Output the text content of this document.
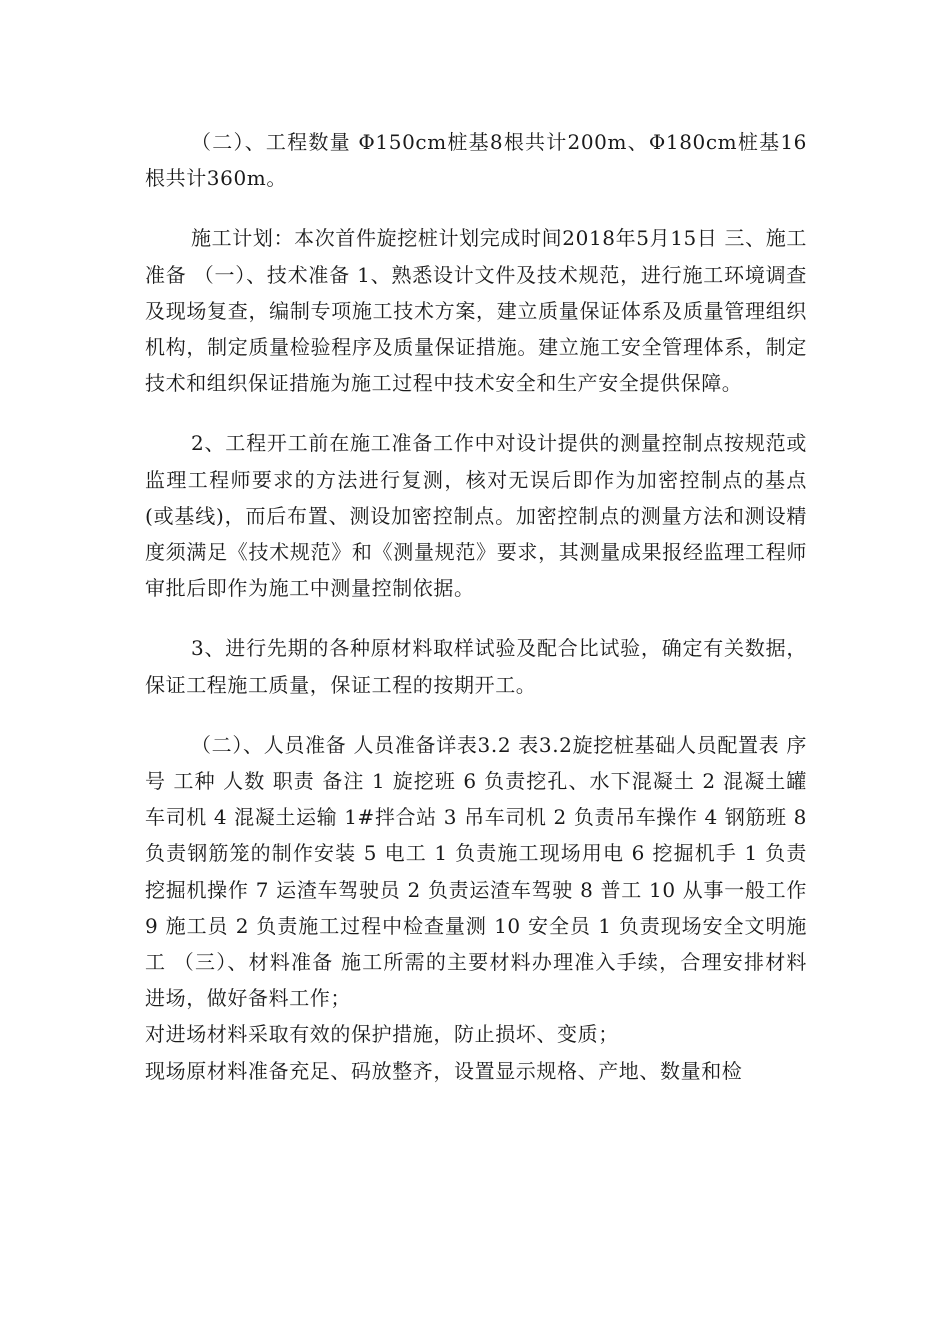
（二）、工程数量 Φ150cm桩基8根共计200m、Φ180cm桩基16根共计360m。

施工计划：本次首件旋挖桩计划完成时间2018年5月15日 三、施工准备 （一）、技术准备 1、熟悉设计文件及技术规范，进行施工环境调查及现场复查，编制专项施工技术方案，建立质量保证体系及质量管理组织机构，制定质量检验程序及质量保证措施。建立施工安全管理体系，制定技术和组织保证措施为施工过程中技术安全和生产安全提供保障。

2、工程开工前在施工准备工作中对设计提供的测量控制点按规范或监理工程师要求的方法进行复测，核对无误后即作为加密控制点的基点(或基线)，而后布置、测设加密控制点。加密控制点的测量方法和测设精度须满足《技术规范》和《测量规范》要求，其测量成果报经监理工程师审批后即作为施工中测量控制依据。

3、进行先期的各种原材料取样试验及配合比试验，确定有关数据，保证工程施工质量，保证工程的按期开工。

（二）、人员准备 人员准备详表3.2 表3.2旋挖桩基础人员配置表 序号 工种 人数 职责 备注 1 旋挖班 6 负责挖孔、水下混凝土 2 混凝土罐车司机 4 混凝土运输 1#拌合站 3 吊车司机 2 负责吊车操作 4 钢筋班 8 负责钢筋笼的制作安装 5 电工 1 负责施工现场用电 6 挖掘机手 1 负责挖掘机操作 7 运渣车驾驶员 2 负责运渣车驾驶 8 普工 10 从事一般工作 9 施工员 2 负责施工过程中检查量测 10 安全员 1 负责现场安全文明施工 （三）、材料准备 施工所需的主要材料办理准入手续，合理安排材料进场，做好备料工作；

对进场材料采取有效的保护措施，防止损坏、变质；

现场原材料准备充足、码放整齐，设置显示规格、产地、数量和检
